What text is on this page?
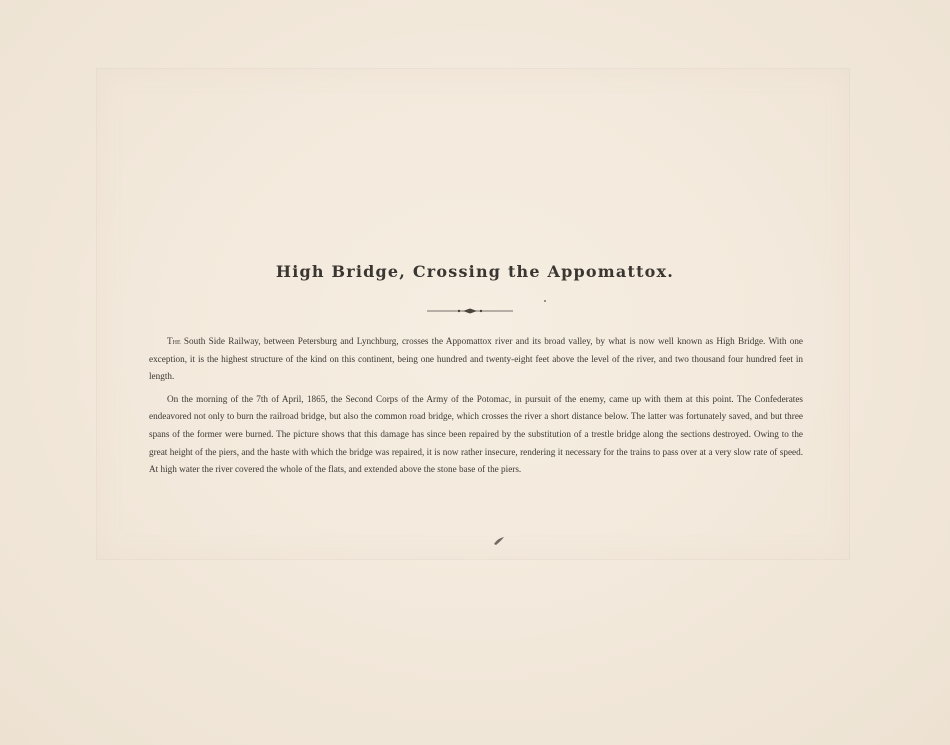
High Bridge, Crossing the Appomattox.

The South Side Railway, between Petersburg and Lynchburg, crosses the Appomattox river and its broad valley, by what is now well known as High Bridge. With one exception, it is the highest structure of the kind on this continent, being one hundred and twenty-eight feet above the level of the river, and two thousand four hundred feet in length.

On the morning of the 7th of April, 1865, the Second Corps of the Army of the Potomac, in pursuit of the enemy, came up with them at this point. The Confederates endeavored not only to burn the railroad bridge, but also the common road bridge, which crosses the river a short distance below. The latter was fortunately saved, and but three spans of the former were burned. The picture shows that this damage has since been repaired by the substitution of a trestle bridge along the sections destroyed. Owing to the great height of the piers, and the haste with which the bridge was repaired, it is now rather insecure, rendering it necessary for the trains to pass over at a very slow rate of speed. At high water the river covered the whole of the flats, and extended above the stone base of the piers.
